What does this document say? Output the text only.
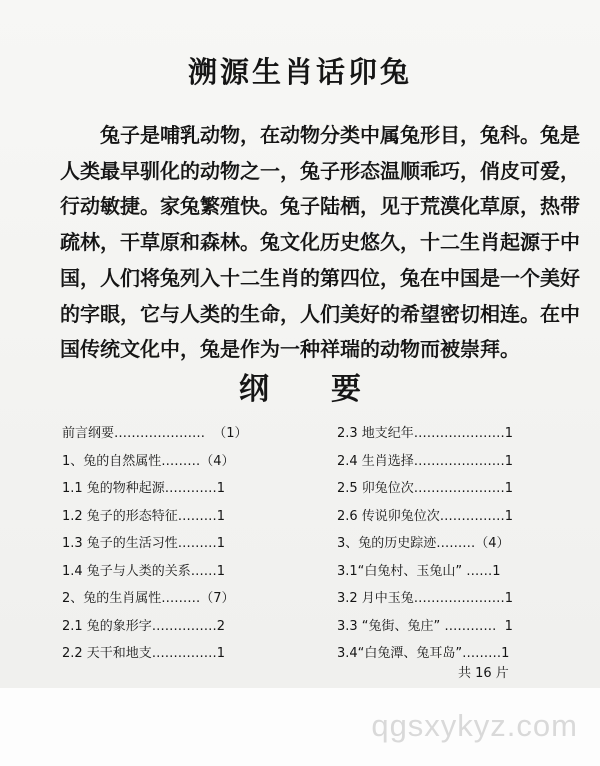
溯源生肖话卯兔

兔子是哺乳动物，在动物分类中属兔形目，兔科。兔是人类最早驯化的动物之一，兔子形态温顺乖巧，俏皮可爱，行动敏捷。家兔繁殖快。兔子陆栖，见于荒漠化草原，热带疏林，干草原和森林。兔文化历史悠久，十二生肖起源于中国，人们将兔列入十二生肖的第四位，兔在中国是一个美好的字眼，它与人类的生命，人们美好的希望密切相连。在中国传统文化中，兔是作为一种祥瑞的动物而被崇拜。

纲 要
前言纲要…………………  （1）
1、兔的自然属性………（4）
1.1 兔的物种起源…………1
1.2 兔子的形态特征………1
1.3 兔子的生活习性………1
1.4 兔子与人类的关系……1
2、兔的生肖属性………（7）
2.1 兔的象形字……………2
2.2 天干和地支……………1
2.3 地支纪年…………………1
2.4 生肖选择…………………1
2.5 卯兔位次…………………1
2.6 传说卯兔位次……………1
3、兔的历史踪迹………（4）
3.1“白兔村、玉兔山” ……1
3.2 月中玉兔…………………1
3.3 “兔街、兔庄” …………  1
3.4“白兔潭、兔耳岛”………1
共 16 片
qgsxykyz.com
